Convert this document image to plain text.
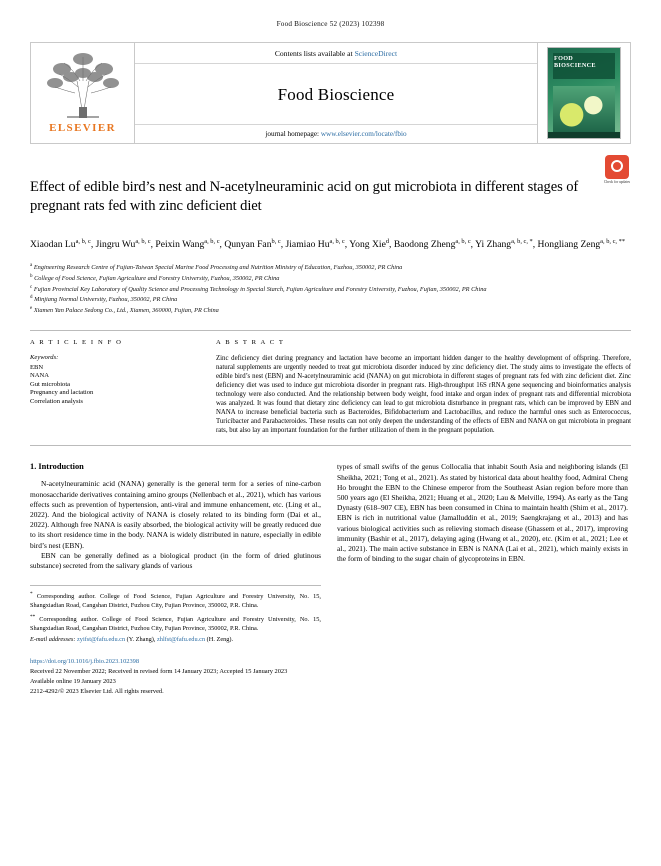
Food Bioscience 52 (2023) 102398
ELSEVIER
Contents lists available at ScienceDirect
Food Bioscience
journal homepage: www.elsevier.com/locate/fbio
FOOD BIOSCIENCE
Check for updates
Effect of edible bird’s nest and N-acetylneuraminic acid on gut microbiota in different stages of pregnant rats fed with zinc deficient diet
Xiaodan Lu$^{a, b, c}$, Jingru Wu$^{a, b, c}$, Peixin Wang$^{a, b, c}$, Qunyan Fan$^{b, c}$, Jiamiao Hu$^{a, b, c}$, Yong Xie$^d$, Baodong Zheng$^{a, b, c}$, Yi Zhang$^{a, b, c, *}$, Hongliang Zeng$^{a, b, c, **}$
$^a$ Engineering Research Centre of Fujian-Taiwan Special Marine Food Processing and Nutrition Ministry of Education, Fuzhou, 350002, PR China
$^b$ College of Food Science, Fujian Agriculture and Forestry University, Fuzhou, 350002, PR China
$^c$ Fujian Provincial Key Laboratory of Quality Science and Processing Technology in Special Starch, Fujian Agriculture and Forestry University, Fuzhou, Fujian, 350002, PR China
$^d$ Minjiang Normal University, Fuzhou, 350002, PR China
$^e$ Xiamen Yan Palace Sedong Co., Ltd., Xiamen, 360000, Fujian, PR China
A R T I C L E I N F O
Keywords:
EBN
NANA
Gut microbiota
Pregnancy and lactation
Correlation analysis
A B S T R A C T

Zinc deficiency diet during pregnancy and lactation have become an important hidden danger to the healthy development of offspring. Therefore, natural supplements are urgently needed to treat gut microbiota disorder induced by zinc deficiency diet. The study aims to investigate the effects of edible bird’s nest (EBN) and N-acetylneuraminic acid (NANA) on gut microbiota in different stages of pregnant rats fed with zinc deficient diet. Zinc deficiency diet was used to induce gut microbiota disorder in pregnant rats. High-throughput 16S rRNA gene sequencing and bioinformatics analysis technology were also conducted. And the relationship between body weight, food intake and organ index of pregnant rats and differential microbiota was analyzed. It was found that dietary zinc deficiency can lead to gut microbiota disturbance in pregnant rats, which can be improved by EBN and NANA to increase beneficial bacteria such as Bacteroides, Bifidobacterium and Lactobacillus, and reduce the harmful ones such as Enterococcus, Turicibacter and Parabacteroides. These results can not only deepen the understanding of the effects of EBN and NANA on gut microbiota in pregnant rats, but also lay an important foundation for the further utilization of them in the pregnant population.

1. Introduction

N-acetylneuraminic acid (NANA) generally is the general term for a series of nine-carbon monosaccharide derivatives containing amino groups (Nellenbach et al., 2021), which has various effects such as prevention of hypertension, anti-viral and immune enhancement, etc. (Ling et al., 2022). And the biological activity of NANA is closely related to its binding form (Dai et al., 2022). Although free NANA is easily absorbed, the biological activity will be greatly reduced due to its short residence time in the body. NANA is widely distributed in nature, especially in edible bird’s nest (EBN).

EBN can be generally defined as a biological product (in the form of dried glutinous substance) secreted from the salivary glands of various

types of small swifts of the genus Collocalia that inhabit South Asia and neighboring islands (El Sheikha, 2021; Tong et al., 2021). As stated by historical data about healthy food, Admiral Cheng Ho brought the EBN to the Chinese emperor from the Southeast Asian region before more than 500 years ago (El Sheikha, 2021; Huang et al., 2020; Lau & Melville, 1994). As early as the Tang Dynasty (618–907 CE), EBN has been consumed in China to maintain health (Shim et al., 2017). EBN is rich in nutritional value (Jamalluddin et al., 2019; Saengkrajang et al., 2013) and has various biological activities such as relieving stomach disease (Ghassem et al., 2017), improving immunity (Bashir et al., 2017), delaying aging (Hwang et al., 2020), etc. (Kim et al., 2021; Lee et al., 2021). The main active substance in EBN is NANA (Lai et al., 2021), which mainly exists in the form of binding to the sugar chain of glycoproteins in EBN.

* Corresponding author. College of Food Science, Fujian Agriculture and Forestry University, No. 15, Shangxiadian Road, Cangshan District, Fuzhou City, Fujian Province, 350002, P.R. China.
** Corresponding author. College of Food Science, Fujian Agriculture and Forestry University, No. 15, Shangxiadian Road, Cangshan District, Fuzhou City, Fujian Province, 350002, P.R. China.
E-mail addresses: zyifst@fafu.edu.cn (Y. Zhang), zhlfst@fafu.edu.cn (H. Zeng).
https://doi.org/10.1016/j.fbio.2023.102398
Received 22 November 2022; Received in revised form 14 January 2023; Accepted 15 January 2023
Available online 19 January 2023
2212-4292/© 2023 Elsevier Ltd. All rights reserved.
